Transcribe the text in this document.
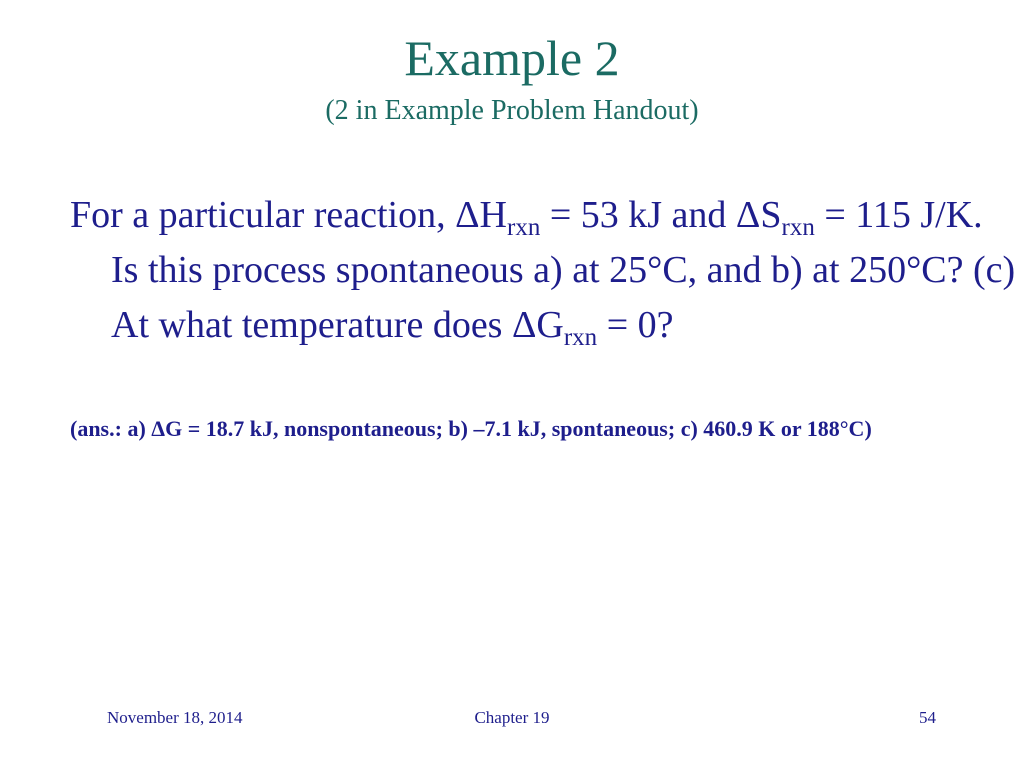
Example 2
(2 in Example Problem Handout)

For a particular reaction, $\Delta H_{rxn} = 53$ kJ and $\Delta S_{rxn} = 115$ J/K. Is this process spontaneous a) at 25°C, and b) at 250°C? (c) At what temperature does $\Delta G_{rxn} = 0$?

(ans.: a) ΔG = 18.7 kJ, nonspontaneous; b) –7.1 kJ, spontaneous; c) 460.9 K or 188°C)

November 18, 2014	Chapter 19	54
